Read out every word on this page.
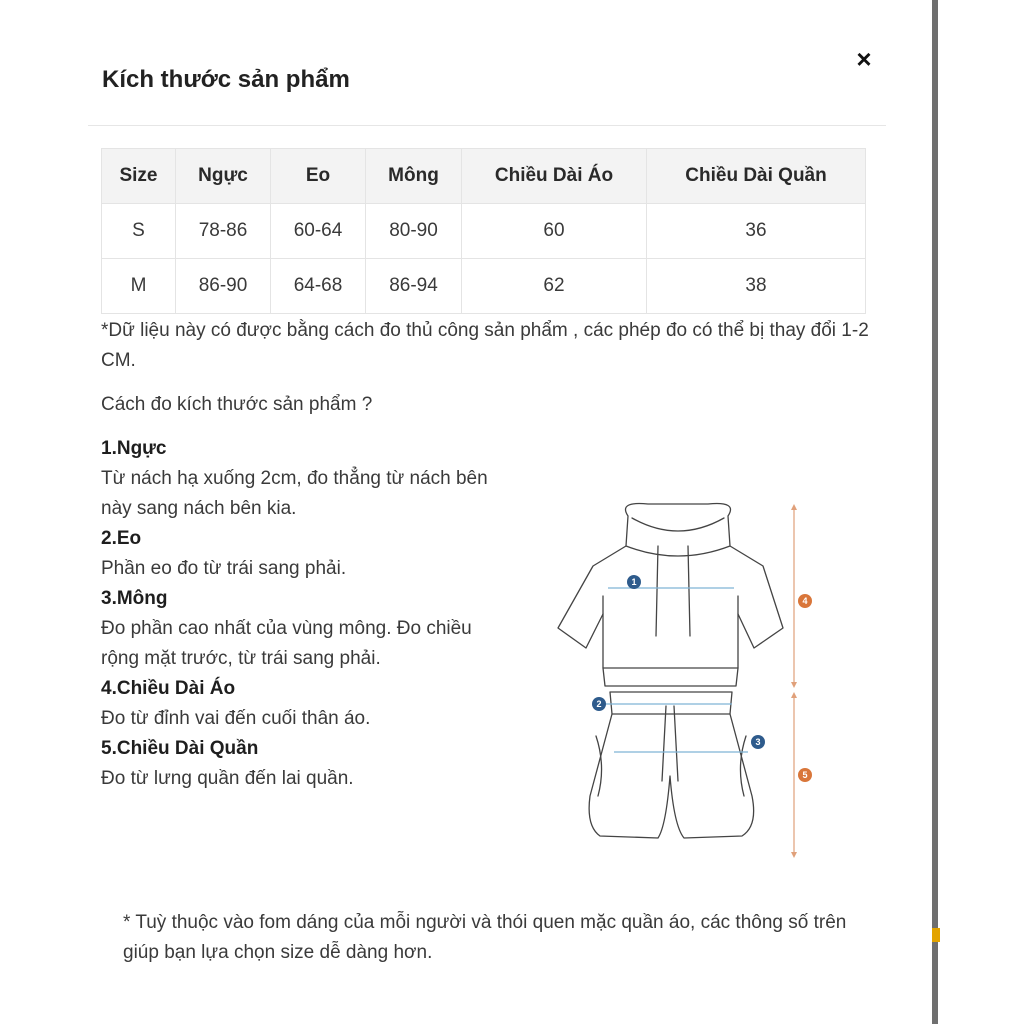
Kích thước sản phẩm
×
Size	Ngực	Eo	Mông	Chiều Dài Áo	Chiều Dài Quần
S	78-86	60-64	80-90	60	36
M	86-90	64-68	86-94	62	38
*Dữ liệu này có được bằng cách đo thủ công sản phẩm , các phép đo có thể bị thay đổi 1-2 CM.
Cách đo kích thước sản phẩm ?
1.Ngực
Từ nách hạ xuống 2cm, đo thẳng từ nách bên này sang nách bên kia.
2.Eo
Phần eo đo từ trái sang phải.
3.Mông
Đo phần cao nhất của vùng mông. Đo chiều rộng mặt trước, từ trái sang phải.
4.Chiều Dài Áo
Đo từ đỉnh vai đến cuối thân áo.
5.Chiều Dài Quần
Đo từ lưng quần đến lai quần.
1
2
3
4
5
* Tuỳ thuộc vào fom dáng của mỗi người và thói quen mặc quần áo, các thông số trên giúp bạn lựa chọn size dễ dàng hơn.
